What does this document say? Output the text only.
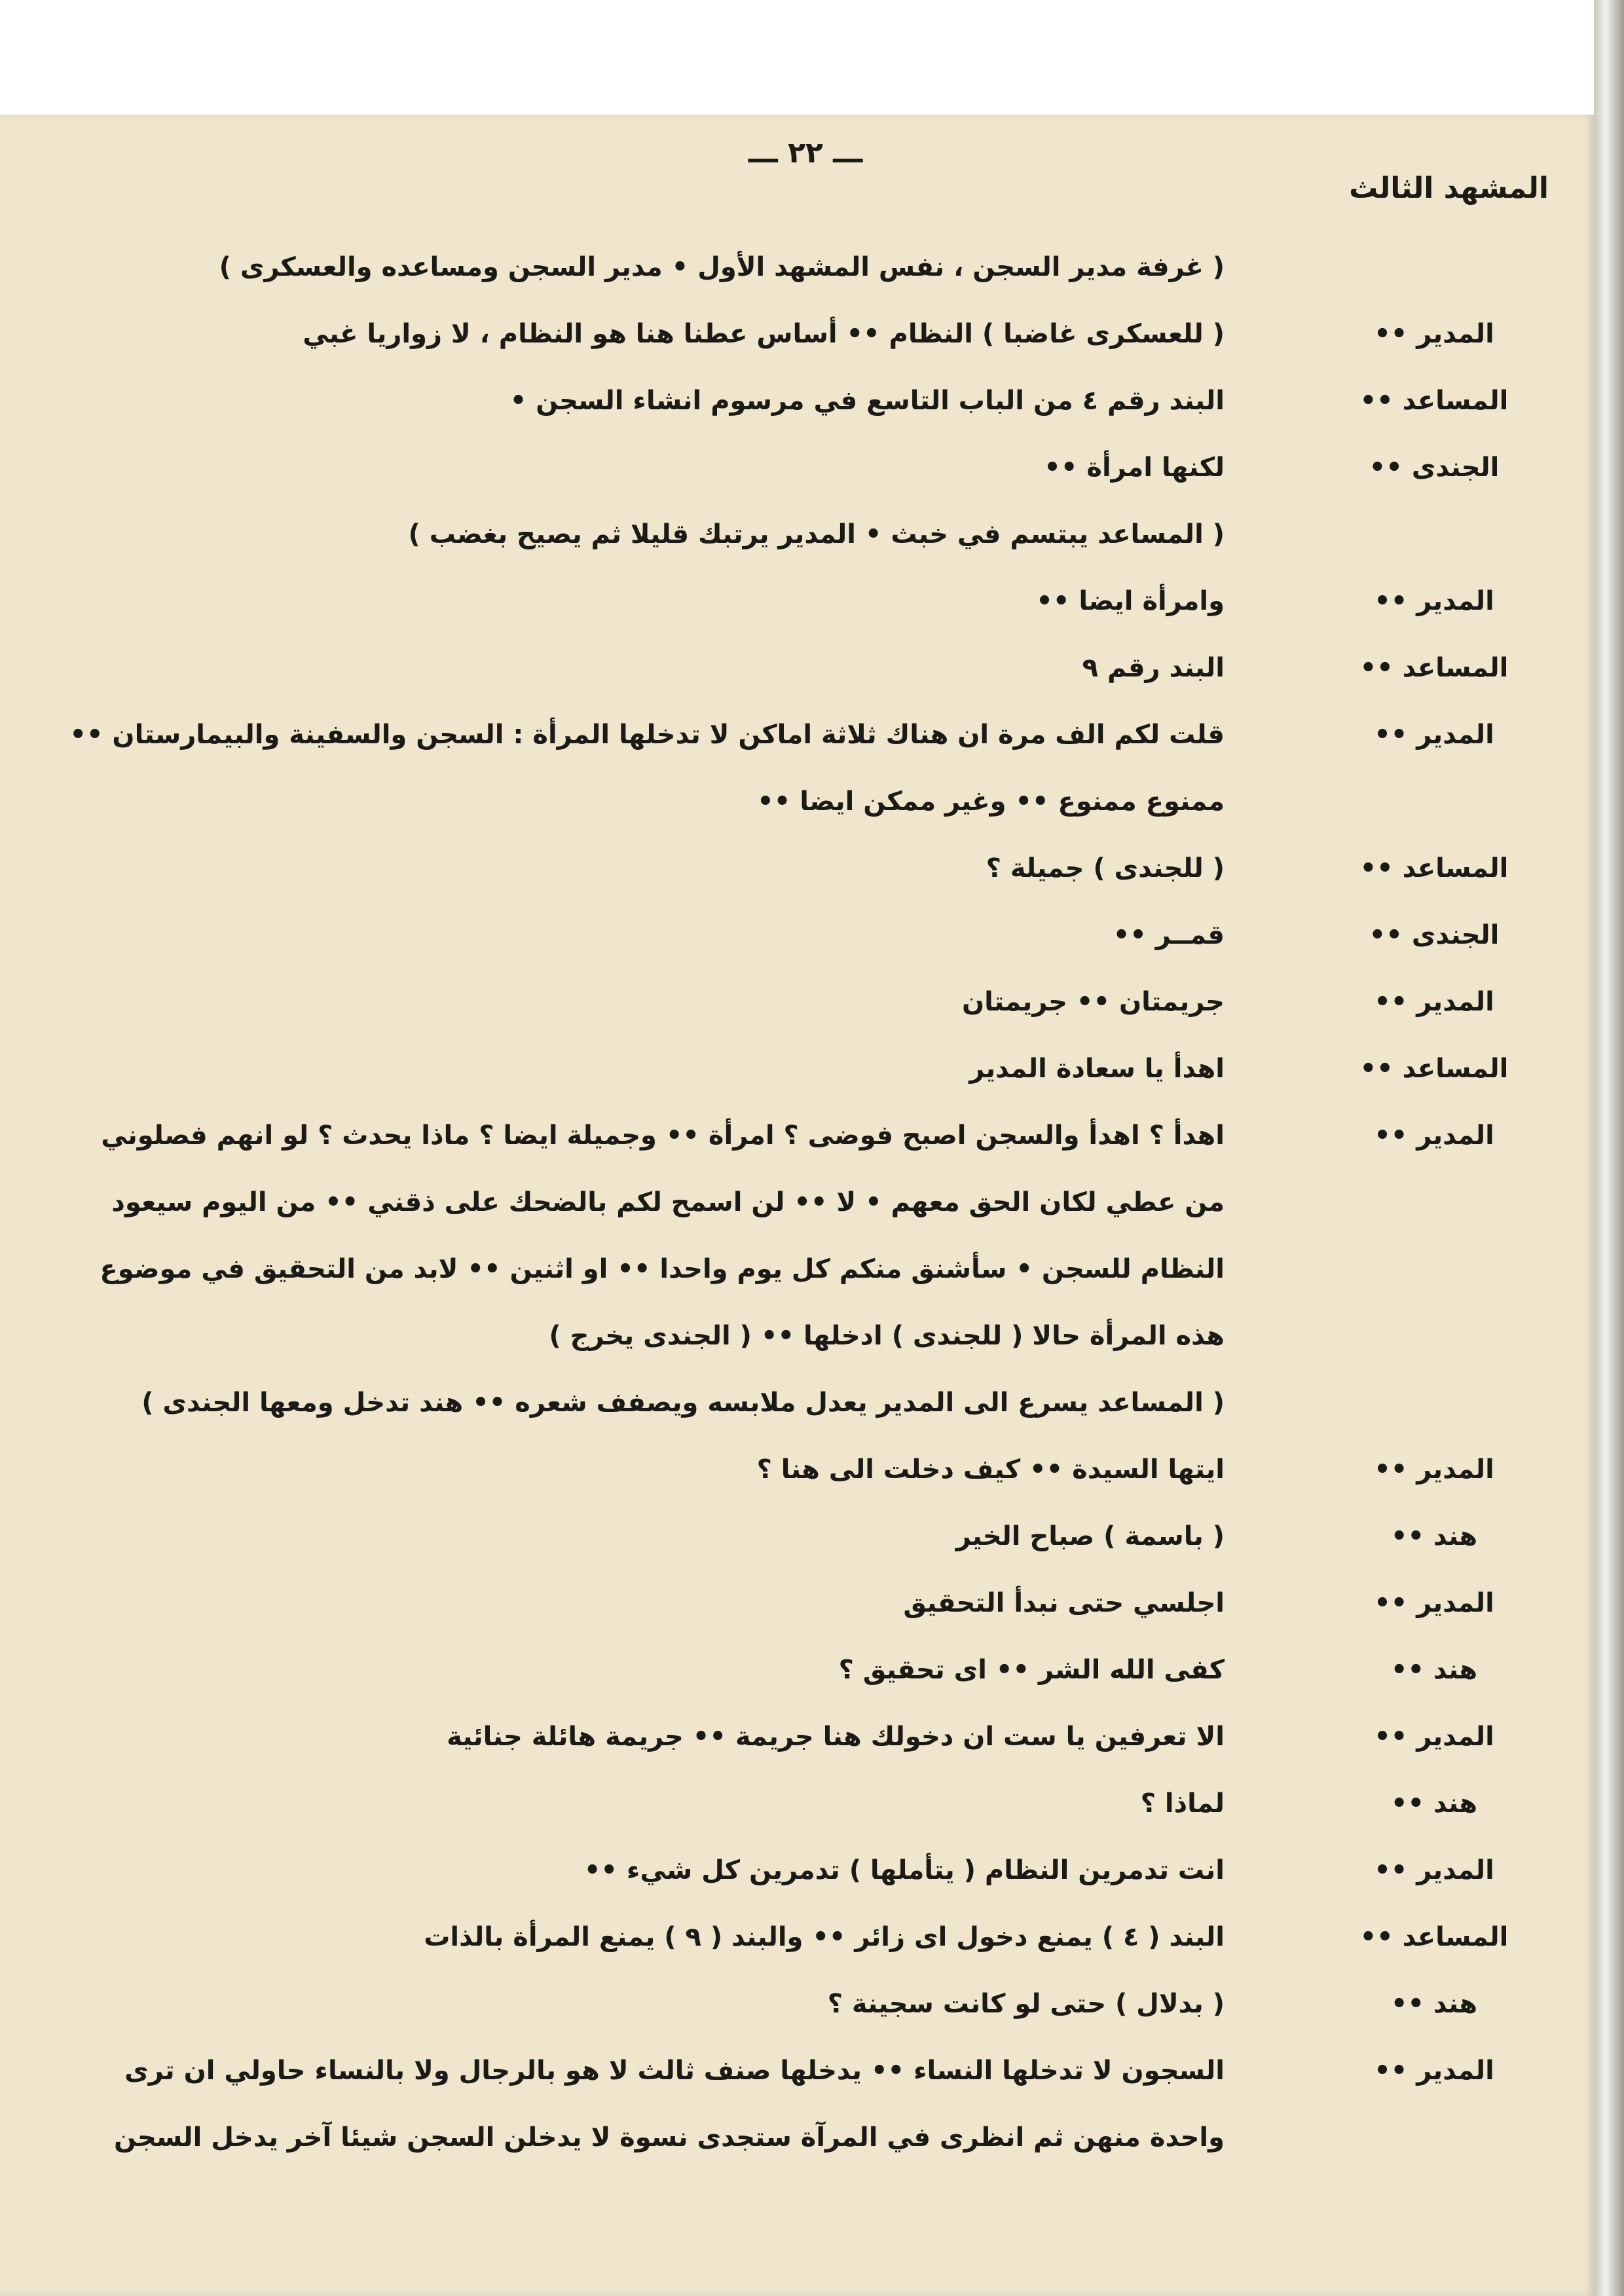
ـــ ٢٢ ـــ
المشهد الثالث
( غرفة مدير السجن ، نفس المشهد الأول • مدير السجن ومساعده والعسكرى )
المدير ••
( للعسكرى غاضبا ) النظام •• أساس عطنا هنا هو النظام ، لا زواريا غبي
المساعد ••
البند رقم ٤ من الباب التاسع في مرسوم انشاء السجن •
الجندى ••
لكنها امرأة ••
( المساعد يبتسم في خبث • المدير يرتبك قليلا ثم يصيح بغضب )
المدير ••
وامرأة ايضا ••
المساعد ••
البند رقم ٩
المدير ••
قلت لكم الف مرة ان هناك ثلاثة اماكن لا تدخلها المرأة : السجن والسفينة والبيمارستان ••
ممنوع ممنوع •• وغير ممكن ايضا ••
المساعد ••
( للجندى ) جميلة ؟
الجندى ••
قمــر ••
المدير ••
جريمتان •• جريمتان
المساعد ••
اهدأ يا سعادة المدير
المدير ••
اهدأ ؟ اهدأ والسجن اصبح فوضى ؟ امرأة •• وجميلة ايضا ؟ ماذا يحدث ؟ لو انهم فصلوني
من عطي لكان الحق معهم • لا •• لن اسمح لكم بالضحك على ذقني •• من اليوم سيعود
النظام للسجن • سأشنق منكم كل يوم واحدا •• او اثنين •• لابد من التحقيق في موضوع
هذه المرأة حالا ( للجندى ) ادخلها •• ( الجندى يخرج )
( المساعد يسرع الى المدير يعدل ملابسه ويصفف شعره •• هند تدخل ومعها الجندى )
المدير ••
ايتها السيدة •• كيف دخلت الى هنا ؟
هند ••
( باسمة ) صباح الخير
المدير ••
اجلسي حتى نبدأ التحقيق
هند ••
كفى الله الشر •• اى تحقيق ؟
المدير ••
الا تعرفين يا ست ان دخولك هنا جريمة •• جريمة هائلة جنائية
هند ••
لماذا ؟
المدير ••
انت تدمرين النظام ( يتأملها ) تدمرين كل شيء ••
المساعد ••
البند ( ٤ ) يمنع دخول اى زائر •• والبند ( ٩ ) يمنع المرأة بالذات
هند ••
( بدلال ) حتى لو كانت سجينة ؟
المدير ••
السجون لا تدخلها النساء •• يدخلها صنف ثالث لا هو بالرجال ولا بالنساء حاولي ان ترى
واحدة منهن ثم انظرى في المرآة ستجدى نسوة لا يدخلن السجن شيئا آخر يدخل السجن
